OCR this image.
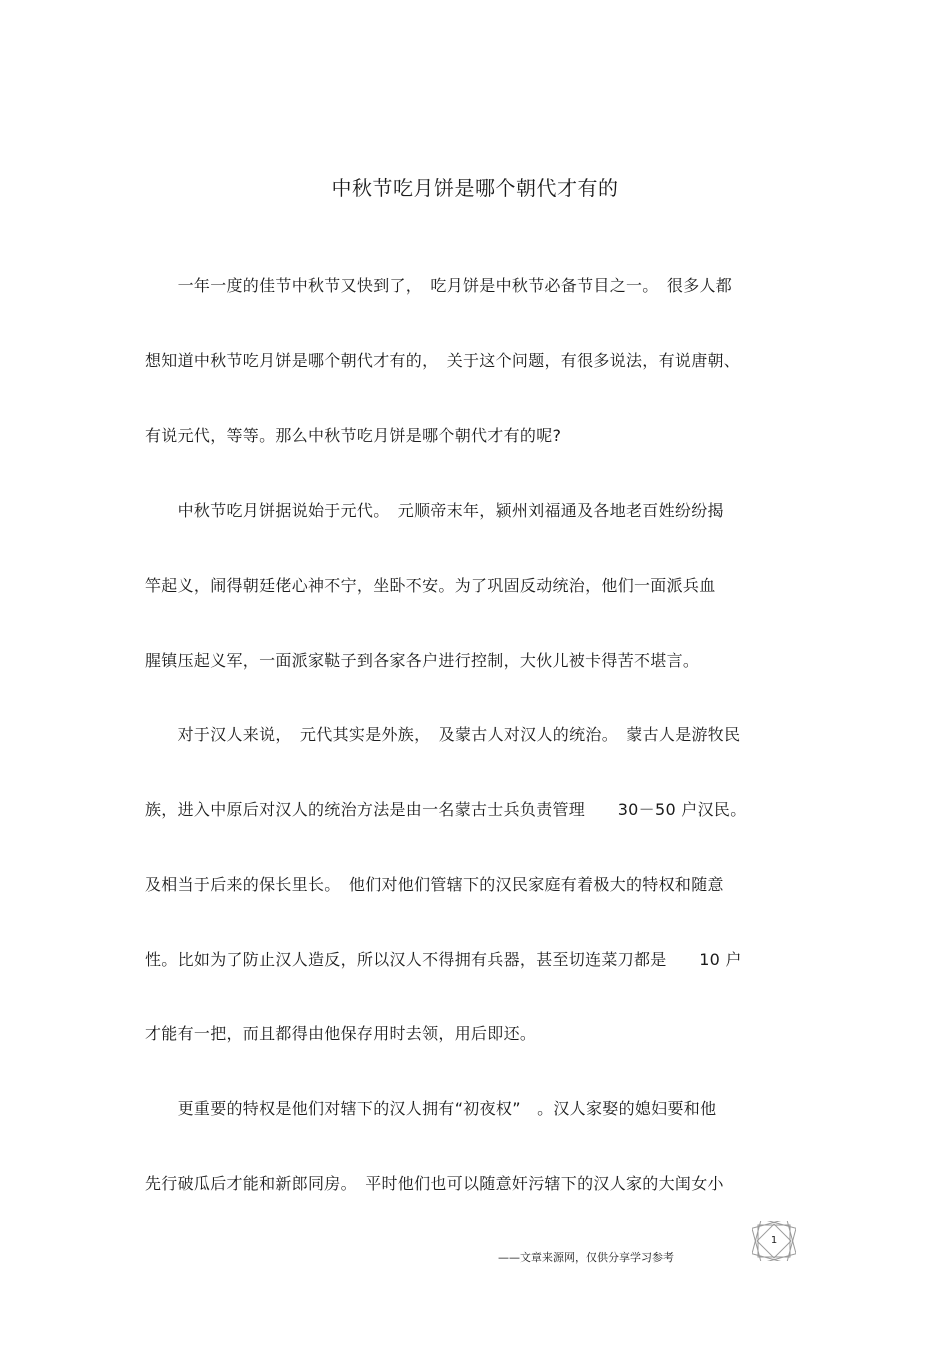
中秋节吃月饼是哪个朝代才有的
　　一年一度的佳节中秋节又快到了，　吃月饼是中秋节必备节目之一。　很多人都
想知道中秋节吃月饼是哪个朝代才有的，　关于这个问题，有很多说法，有说唐朝、
有说元代，等等。那么中秋节吃月饼是哪个朝代才有的呢?
　　中秋节吃月饼据说始于元代。　元顺帝末年，颍州刘福通及各地老百姓纷纷揭
竿起义，闹得朝廷佬心神不宁，坐卧不安。为了巩固反动统治，他们一面派兵血
腥镇压起义军，一面派家鞑子到各家各户进行控制，大伙儿被卡得苦不堪言。
　　对于汉人来说，　元代其实是外族，　及蒙古人对汉人的统治。　蒙古人是游牧民
族，进入中原后对汉人的统治方法是由一名蒙古士兵负责管理　　30－50 户汉民。
及相当于后来的保长里长。　他们对他们管辖下的汉民家庭有着极大的特权和随意
性。比如为了防止汉人造反，所以汉人不得拥有兵器，甚至切连菜刀都是　　10 户
才能有一把，而且都得由他保存用时去领，用后即还。
　　更重要的特权是他们对辖下的汉人拥有“初夜权”　。汉人家娶的媳妇要和他
先行破瓜后才能和新郎同房。　平时他们也可以随意奸污辖下的汉人家的大闺女小
——文章来源网，仅供分享学习参考
1
